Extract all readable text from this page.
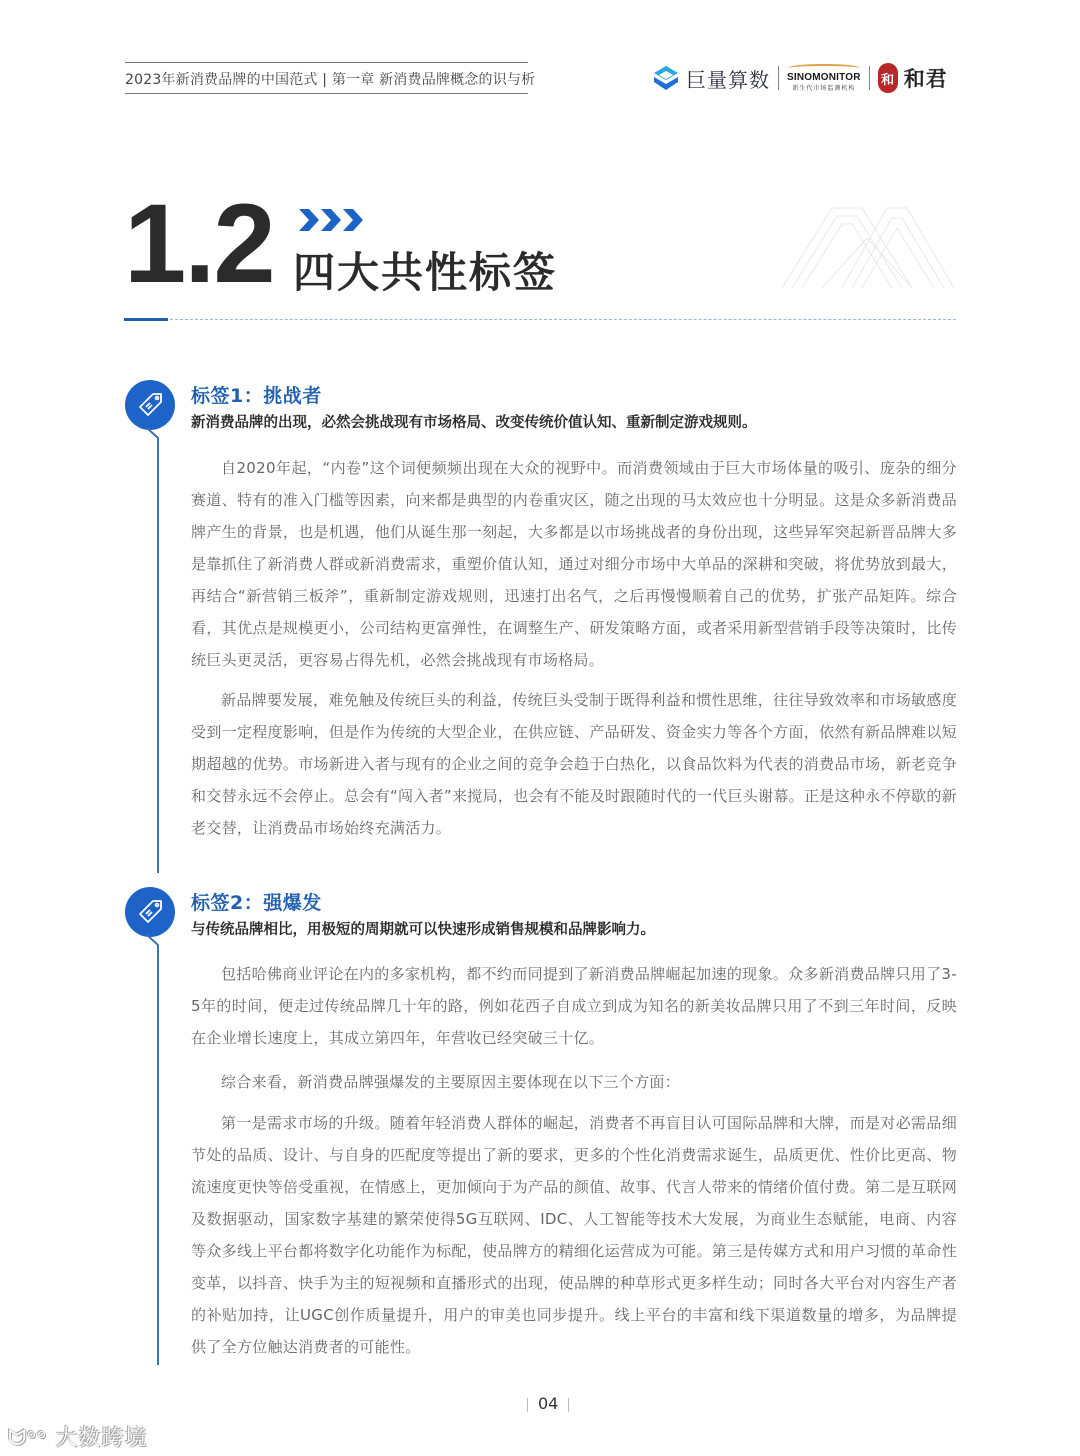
2023年新消费品牌的中国范式 | 第一章 新消费品牌概念的识与析	巨量算数 SINOMONITOR
新生代市场监测机构
和 和君
1.2 四大共性标签
标签1：挑战者
新消费品牌的出现，必然会挑战现有市场格局、改变传统价值认知、重新制定游戏规则。

自2020年起，“内卷”这个词便频频出现在大众的视野中。而消费领域由于巨大市场体量的吸引、庞杂的细分赛道、特有的准入门槛等因素，向来都是典型的内卷重灾区，随之出现的马太效应也十分明显。这是众多新消费品牌产生的背景，也是机遇，他们从诞生那一刻起，大多都是以市场挑战者的身份出现，这些异军突起新晋品牌大多是靠抓住了新消费人群或新消费需求，重塑价值认知，通过对细分市场中大单品的深耕和突破，将优势放到最大，再结合“新营销三板斧”，重新制定游戏规则，迅速打出名气，之后再慢慢顺着自己的优势，扩张产品矩阵。综合看，其优点是规模更小，公司结构更富弹性，在调整生产、研发策略方面，或者采用新型营销手段等决策时，比传统巨头更灵活，更容易占得先机，必然会挑战现有市场格局。

新品牌要发展，难免触及传统巨头的利益，传统巨头受制于既得利益和惯性思维，往往导致效率和市场敏感度受到一定程度影响，但是作为传统的大型企业，在供应链、产品研发、资金实力等各个方面，依然有新品牌难以短期超越的优势。市场新进入者与现有的企业之间的竞争会趋于白热化，以食品饮料为代表的消费品市场，新老竞争和交替永远不会停止。总会有“闯入者”来搅局，也会有不能及时跟随时代的一代巨头谢幕。正是这种永不停歇的新老交替，让消费品市场始终充满活力。

标签2：强爆发
与传统品牌相比，用极短的周期就可以快速形成销售规模和品牌影响力。

包括哈佛商业评论在内的多家机构，都不约而同提到了新消费品牌崛起加速的现象。众多新消费品牌只用了3-5年的时间，便走过传统品牌几十年的路，例如花西子自成立到成为知名的新美妆品牌只用了不到三年时间，反映在企业增长速度上，其成立第四年，年营收已经突破三十亿。

综合来看，新消费品牌强爆发的主要原因主要体现在以下三个方面：

第一是需求市场的升级。随着年轻消费人群体的崛起，消费者不再盲目认可国际品牌和大牌，而是对必需品细节处的品质、设计、与自身的匹配度等提出了新的要求，更多的个性化消费需求诞生，品质更优、性价比更高、物流速度更快等倍受重视，在情感上，更加倾向于为产品的颜值、故事、代言人带来的情绪价值付费。第二是互联网及数据驱动，国家数字基建的繁荣使得5G互联网、IDC、人工智能等技术大发展，为商业生态赋能，电商、内容等众多线上平台都将数字化功能作为标配，使品牌方的精细化运营成为可能。第三是传媒方式和用户习惯的革命性变革，以抖音、快手为主的短视频和直播形式的出现，使品牌的种草形式更多样生动；同时各大平台对内容生产者的补贴加持，让UGC创作质量提升，用户的审美也同步提升。线上平台的丰富和线下渠道数量的增多，为品牌提供了全方位触达消费者的可能性。

04
ᗢᵒᵒ 大数跨境
